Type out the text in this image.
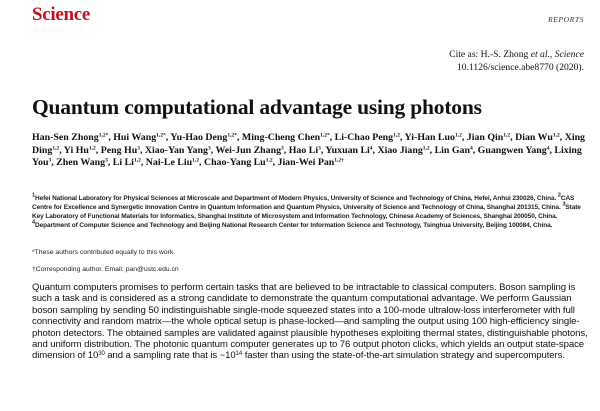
Science	REPORTS
Cite as: H.-S. Zhong et al., Science
10.1126/science.abe8770 (2020).
Quantum computational advantage using photons
Han-Sen Zhong$^{1,2*}$, Hui Wang$^{1,2*}$, Yu-Hao Deng$^{1,2*}$, Ming-Cheng Chen$^{1,2*}$, Li-Chao Peng$^{1,2}$, Yi-Han Luo$^{1,2}$, Jian Qin$^{1,2}$, Dian Wu$^{1,2}$, Xing Ding$^{1,2}$, Yi Hu$^{1,2}$, Peng Hu$^3$, Xiao-Yan Yang$^3$, Wei-Jun Zhang$^3$, Hao Li$^3$, Yuxuan Li$^4$, Xiao Jiang$^{1,2}$, Lin Gan$^4$, Guangwen Yang$^4$, Lixing You$^3$, Zhen Wang$^3$, Li Li$^{1,2}$, Nai-Le Liu$^{1,2}$, Chao-Yang Lu$^{1,2}$, Jian-Wei Pan$^{1,2\dagger}$
$^1$Hefei National Laboratory for Physical Sciences at Microscale and Department of Modern Physics, University of Science and Technology of China, Hefei, Anhui 230026, China. $^2$CAS Centre for Excellence and Synergetic Innovation Centre in Quantum Information and Quantum Physics, University of Science and Technology of China, Shanghai 201315, China. $^3$State Key Laboratory of Functional Materials for Informatics, Shanghai Institute of Microsystem and Information Technology, Chinese Academy of Sciences, Shanghai 200050, China. $^4$Department of Computer Science and Technology and Beijing National Research Center for Information Science and Technology, Tsinghua University, Beijing 100084, China.
*These authors contributed equally to this work.
†Corresponding author. Email: pan@ustc.edu.cn

Quantum computers promises to perform certain tasks that are believed to be intractable to classical computers. Boson sampling is such a task and is considered as a strong candidate to demonstrate the quantum computational advantage. We perform Gaussian boson sampling by sending 50 indistinguishable single-mode squeezed states into a 100-mode ultralow-loss interferometer with full connectivity and random matrix—the whole optical setup is phase-locked—and sampling the output using 100 high-efficiency single-photon detectors. The obtained samples are validated against plausible hypotheses exploiting thermal states, distinguishable photons, and uniform distribution. The photonic quantum computer generates up to 76 output photon clicks, which yields an output state-space dimension of $10^{30}$ and a sampling rate that is $\sim 10^{14}$ faster than using the state-of-the-art simulation strategy and supercomputers.
